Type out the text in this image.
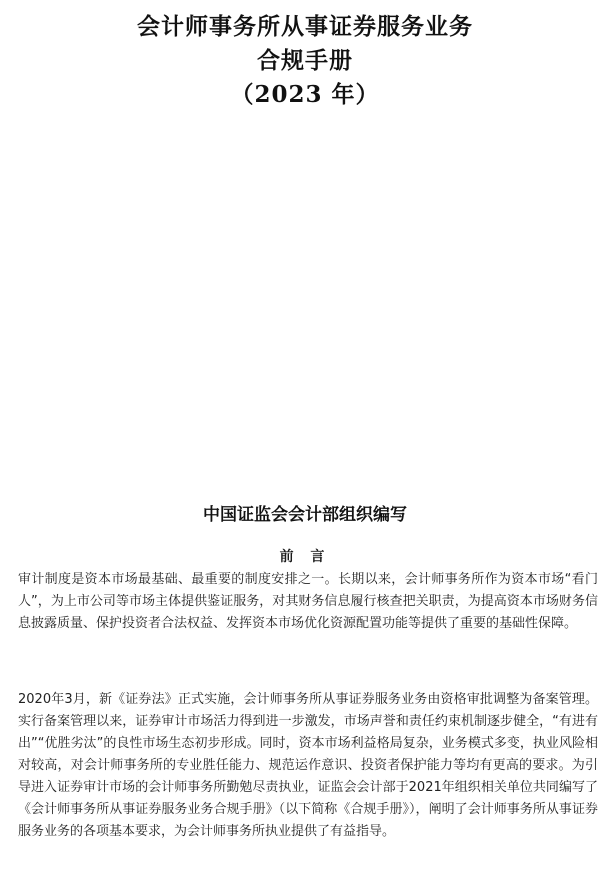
会计师事务所从事证券服务业务
合规手册
（2023 年）
中国证监会会计部组织编写
前 言

审计制度是资本市场最基础、最重要的制度安排之一。长期以来，会计师事务所作为资本市场“看门人”，为上市公司等市场主体提供鉴证服务，对其财务信息履行核查把关职责，为提高资本市场财务信息披露质量、保护投资者合法权益、发挥资本市场优化资源配置功能等提供了重要的基础性保障。

2020年3月，新《证券法》正式实施，会计师事务所从事证券服务业务由资格审批调整为备案管理。实行备案管理以来，证券审计市场活力得到进一步激发，市场声誉和责任约束机制逐步健全，“有进有出”“优胜劣汰”的良性市场生态初步形成。同时，资本市场利益格局复杂，业务模式多变，执业风险相对较高，对会计师事务所的专业胜任能力、规范运作意识、投资者保护能力等均有更高的要求。为引导进入证券审计市场的会计师事务所勤勉尽责执业，证监会会计部于2021年组织相关单位共同编写了《会计师事务所从事证券服务业务合规手册》（以下简称《合规手册》），阐明了会计师事务所从事证券服务业务的各项基本要求，为会计师事务所执业提供了有益指导。
